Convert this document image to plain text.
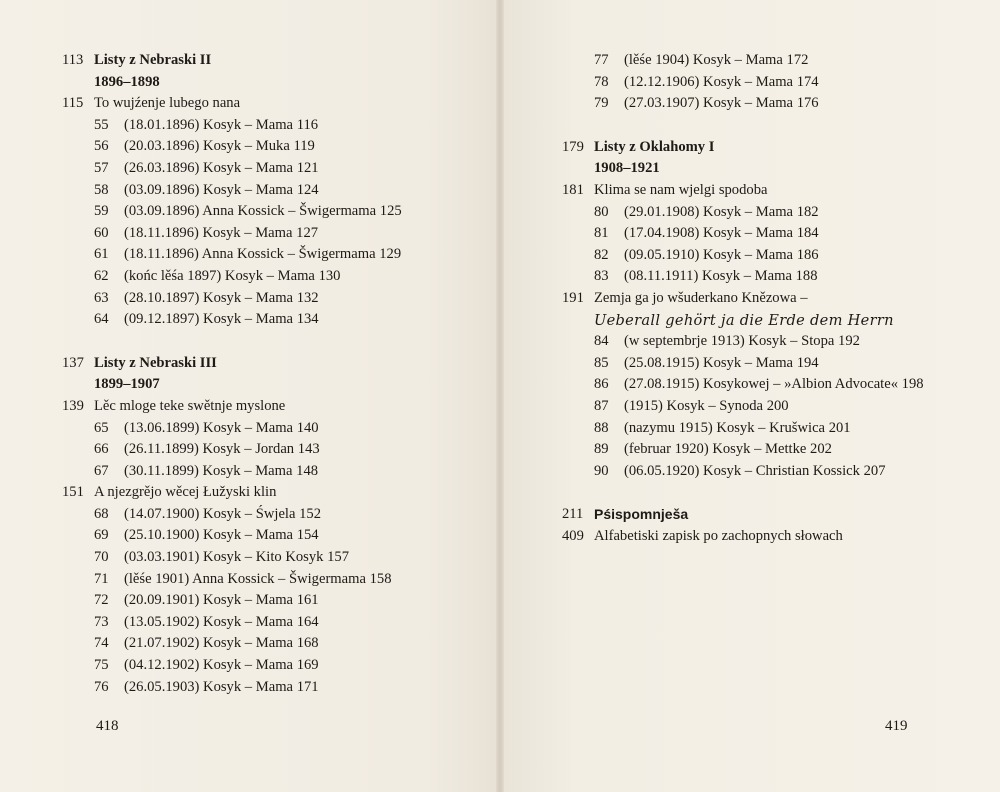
113 Listy z Nebraski II
1896–1898
115 To wujźenje lubego nana
55 (18.01.1896) Kosyk – Mama 116
56 (20.03.1896) Kosyk – Muka 119
57 (26.03.1896) Kosyk – Mama 121
58 (03.09.1896) Kosyk – Mama 124
59 (03.09.1896) Anna Kossick – Šwigermama 125
60 (18.11.1896) Kosyk – Mama 127
61 (18.11.1896) Anna Kossick – Šwigermama 129
62 (końc lěśa 1897) Kosyk – Mama 130
63 (28.10.1897) Kosyk – Mama 132
64 (09.12.1897) Kosyk – Mama 134
137 Listy z Nebraski III
1899–1907
139 Lěc mloge teke swětnje myslone
65 (13.06.1899) Kosyk – Mama 140
66 (26.11.1899) Kosyk – Jordan 143
67 (30.11.1899) Kosyk – Mama 148
151 A njezgrějo wěcej Łužyski klin
68 (14.07.1900) Kosyk – Śwjela 152
69 (25.10.1900) Kosyk – Mama 154
70 (03.03.1901) Kosyk – Kito Kosyk 157
71 (lěśe 1901) Anna Kossick – Šwigermama 158
72 (20.09.1901) Kosyk – Mama 161
73 (13.05.1902) Kosyk – Mama 164
74 (21.07.1902) Kosyk – Mama 168
75 (04.12.1902) Kosyk – Mama 169
76 (26.05.1903) Kosyk – Mama 171
418
77 (lěśe 1904) Kosyk – Mama 172
78 (12.12.1906) Kosyk – Mama 174
79 (27.03.1907) Kosyk – Mama 176
179 Listy z Oklahomy I
1908–1921
181 Klima se nam wjelgi spodoba
80 (29.01.1908) Kosyk – Mama 182
81 (17.04.1908) Kosyk – Mama 184
82 (09.05.1910) Kosyk – Mama 186
83 (08.11.1911) Kosyk – Mama 188
191 Zemja ga jo wšuderkano Knězowa –
Ueberall gehört ja die Erde dem Herrn
84 (w septembrje 1913) Kosyk – Stopa 192
85 (25.08.1915) Kosyk – Mama 194
86 (27.08.1915) Kosykowej – »Albion Advocate« 198
87 (1915) Kosyk – Synoda 200
88 (nazymu 1915) Kosyk – Krušwica 201
89 (februar 1920) Kosyk – Mettke 202
90 (06.05.1920) Kosyk – Christian Kossick 207
211 Pśispomnješa
409 Alfabetiski zapisk po zachopnych słowach
419
